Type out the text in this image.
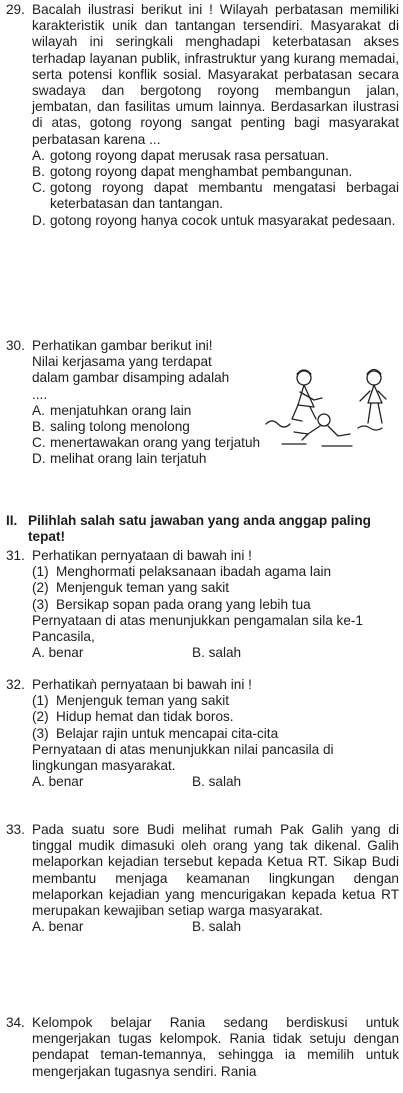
29. Bacalah ilustrasi berikut ini ! Wilayah perbatasan memiliki karakteristik unik dan tantangan tersendiri. Masyarakat di wilayah ini seringkali menghadapi keterbatasan akses terhadap layanan publik, infrastruktur yang kurang memadai, serta potensi konflik sosial. Masyarakat perbatasan secara swadaya dan bergotong royong membangun jalan, jembatan, dan fasilitas umum lainnya. Berdasarkan ilustrasi di atas, gotong royong sangat penting bagi masyarakat perbatasan karena ...
A. gotong royong dapat merusak rasa persatuan.
B. gotong royong dapat menghambat pembangunan.
C. gotong royong dapat membantu mengatasi berbagai keterbatasan dan tantangan.
D. gotong royong hanya cocok untuk masyarakat pedesaan.
30. Perhatikan gambar berikut ini!
Nilai kerjasama yang terdapat dalam gambar disamping adalah ....
A. menjatuhkan orang lain
B. saling tolong menolong
C. menertawakan orang yang terjatuh
D. melihat orang lain terjatuh
II. Pilihlah salah satu jawaban yang anda anggap paling tepat!
31. Perhatikan pernyataan di bawah ini !
(1) Menghormati pelaksanaan ibadah agama lain
(2) Menjenguk teman yang sakit
(3) Bersikap sopan pada orang yang lebih tua
Pernyataan di atas menunjukkan pengamalan sila ke-1 Pancasila,
A. benar	B. salah
32. Perhatikaǹ pernyataan bi bawah ini !
(1) Menjenguk teman yang sakit
(2) Hidup hemat dan tidak boros.
(3) Belajar rajin untuk mencapai cita-cita
Pernyataan di atas menunjukkan nilai pancasila di lingkungan masyarakat.
A. benar	B. salah
33. Pada suatu sore Budi melihat rumah Pak Galih yang di tinggal mudik dimasuki oleh orang yang tak dikenal. Galih melaporkan kejadian tersebut kepada Ketua RT. Sikap Budi membantu menjaga keamanan lingkungan dengan melaporkan kejadian yang mencurigakan kepada ketua RT merupakan kewajiban setiap warga masyarakat.
A. benar	B. salah
34. Kelompok belajar Rania sedang berdiskusi untuk mengerjakan tugas kelompok. Rania tidak setuju dengan pendapat teman-temannya, sehingga ia memilih untuk mengerjakan tugasnya sendiri. Rania
